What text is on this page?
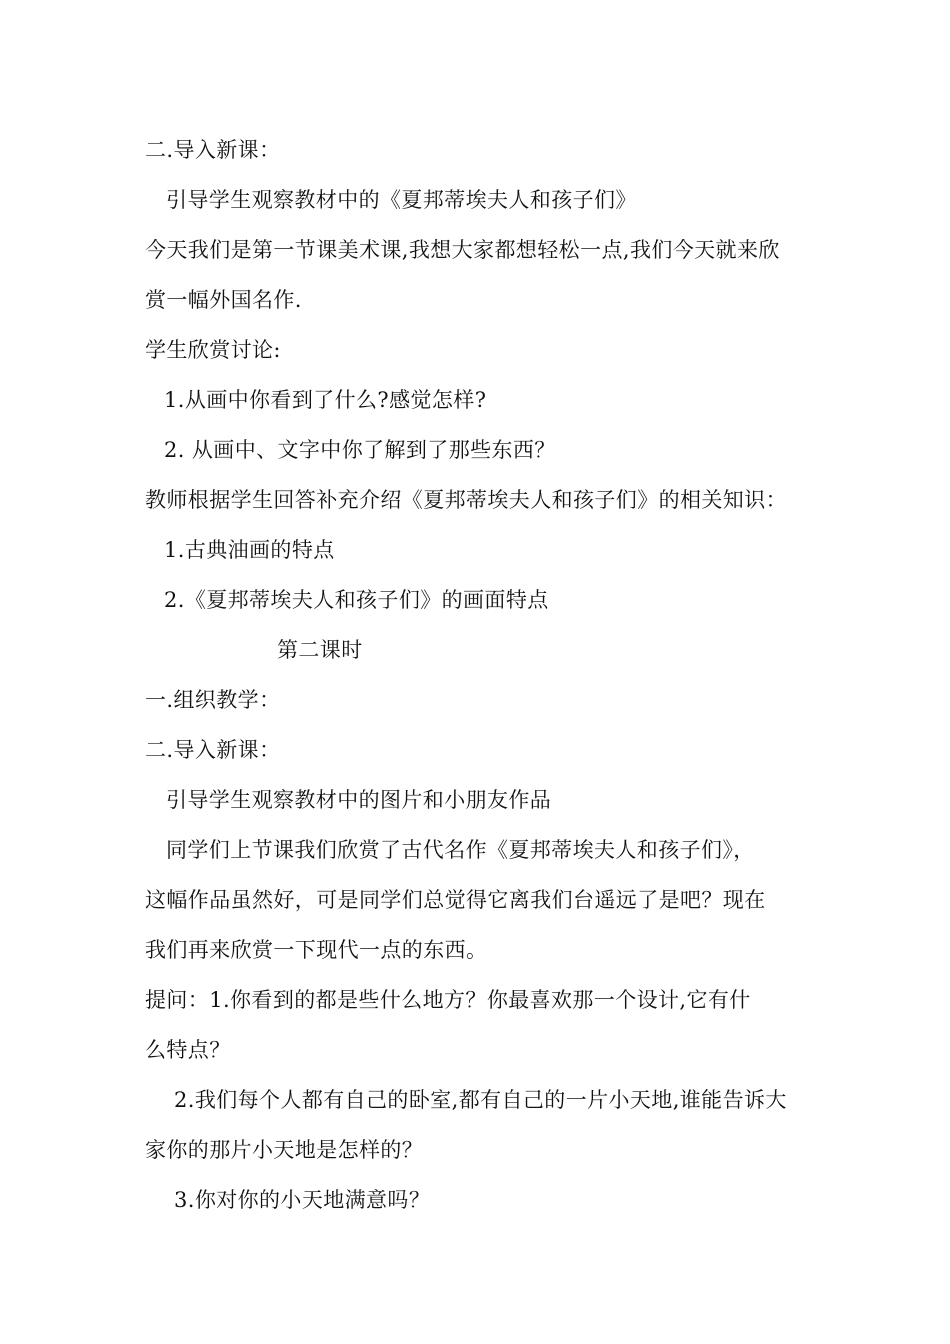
二.导入新课：
引导学生观察教材中的《夏邦蒂埃夫人和孩子们》
今天我们是第一节课美术课,我想大家都想轻松一点,我们今天就来欣
赏一幅外国名作.
学生欣赏讨论:
1.从画中你看到了什么?感觉怎样?
2. 从画中、文字中你了解到了那些东西？
教师根据学生回答补充介绍《夏邦蒂埃夫人和孩子们》的相关知识：
1.古典油画的特点
2.《夏邦蒂埃夫人和孩子们》的画面特点
第二课时
一.组织教学：
二.导入新课：
引导学生观察教材中的图片和小朋友作品
同学们上节课我们欣赏了古代名作《夏邦蒂埃夫人和孩子们》，
这幅作品虽然好，可是同学们总觉得它离我们台遥远了是吧？现在
我们再来欣赏一下现代一点的东西。
提问：1.你看到的都是些什么地方？你最喜欢那一个设计,它有什
么特点？
2.我们每个人都有自己的卧室,都有自己的一片小天地,谁能告诉大
家你的那片小天地是怎样的？
3.你对你的小天地满意吗？
